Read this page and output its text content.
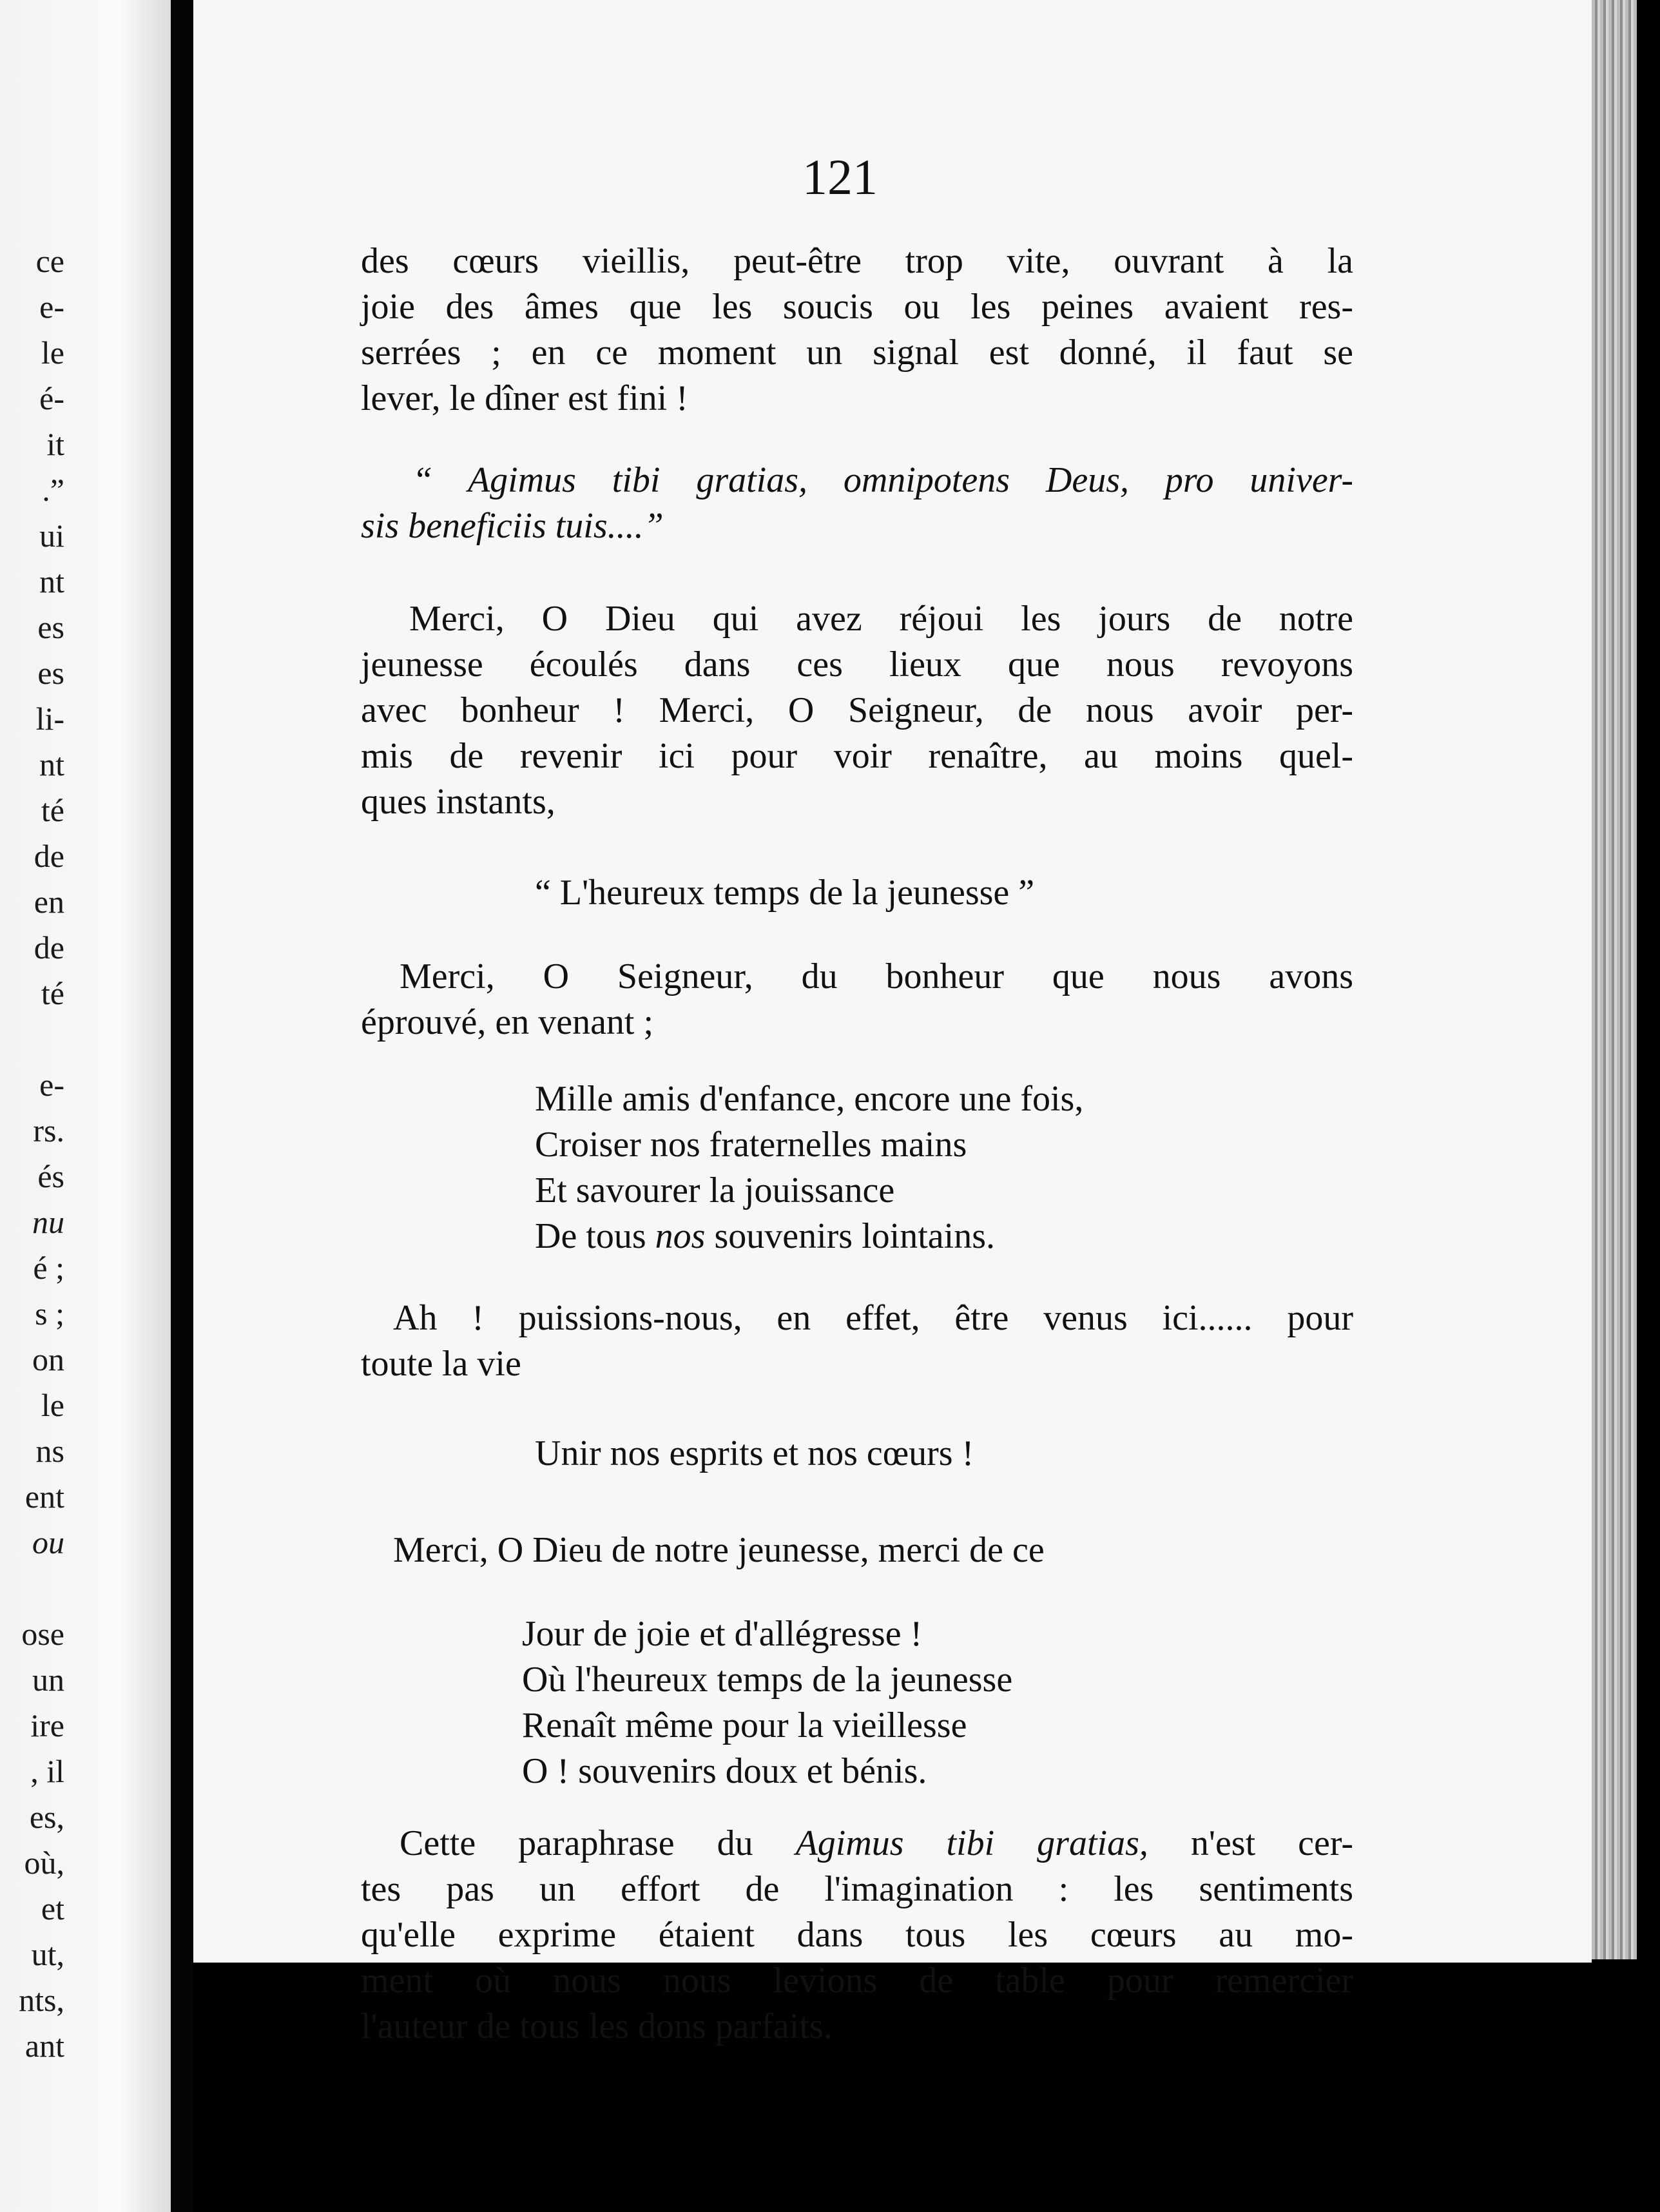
ce
e-
le
é-
it
.”
ui
nt
es
es
li-
nt
té
de
en
de
té
e-
rs.
és
nu
é ;
s ;
on
le
ns
ent
ou
ose
un
ire
, il
es,
où,
et
ut,
nts,
ant
121
des cœurs vieillis, peut-être trop vite, ouvrant à la
joie des âmes que les soucis ou les peines avaient res-
serrées ; en ce moment un signal est donné, il faut se
lever, le dîner est fini !
“ Agimus tibi gratias, omnipotens Deus, pro univer-
sis beneficiis tuis....”
Merci, O Dieu qui avez réjoui les jours de notre
jeunesse écoulés dans ces lieux que nous revoyons
avec bonheur ! Merci, O Seigneur, de nous avoir per-
mis de revenir ici pour voir renaître, au moins quel-
ques instants,
“ L'heureux temps de la jeunesse ”
Merci, O Seigneur, du bonheur que nous avons
éprouvé, en venant ;
Mille amis d'enfance, encore une fois,
Croiser nos fraternelles mains
Et savourer la jouissance
De tous nos souvenirs lointains.
Ah ! puissions-nous, en effet, être venus ici...... pour
toute la vie
Unir nos esprits et nos cœurs !
Merci, O Dieu de notre jeunesse, merci de ce
Jour de joie et d'allégresse !
Où l'heureux temps de la jeunesse
Renaît même pour la vieillesse
O ! souvenirs doux et bénis.
Cette paraphrase du Agimus tibi gratias, n'est cer-
tes pas un effort de l'imagination : les sentiments
qu'elle exprime étaient dans tous les cœurs au mo-
ment où nous nous levions de table pour remercier
l'auteur de tous les dons parfaits.
